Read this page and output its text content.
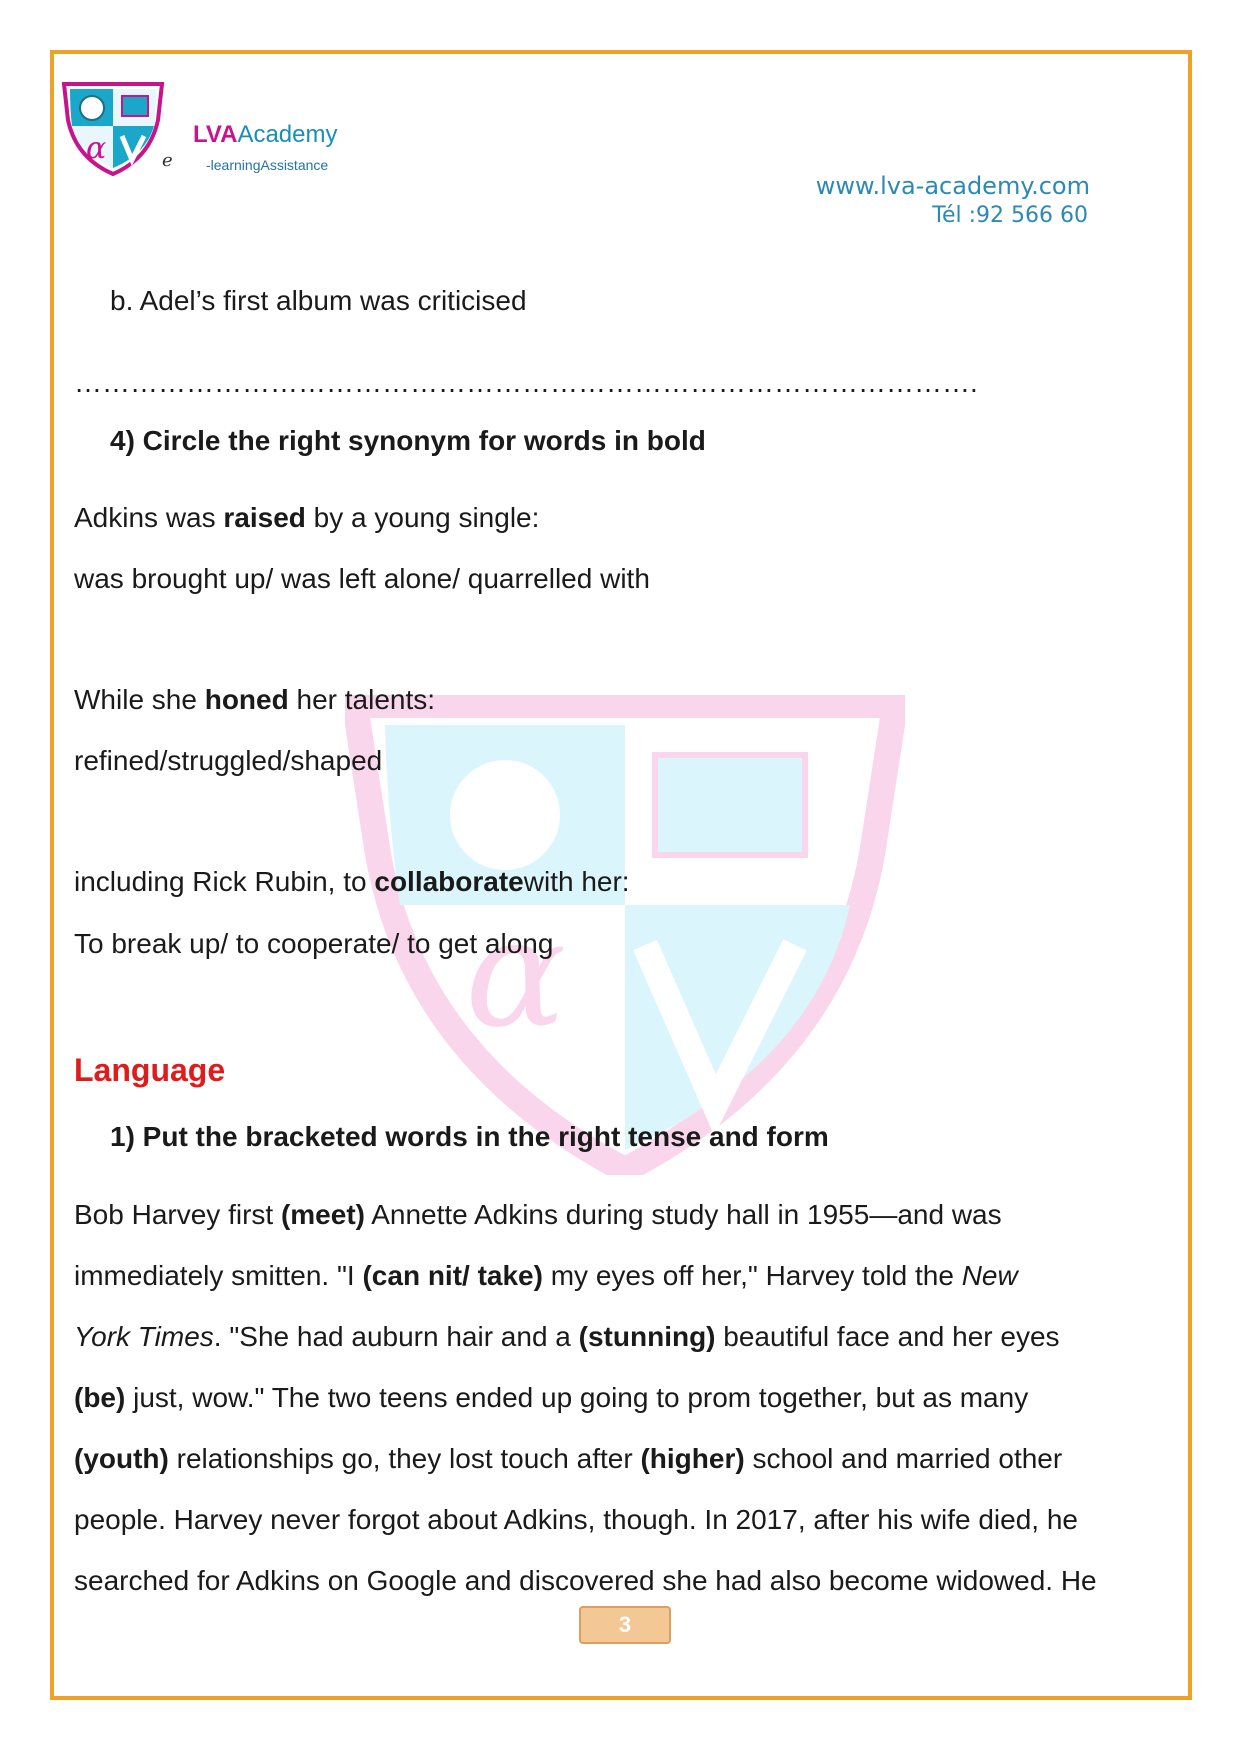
α	LVAAcademy
e -learningAssistance
www.lva-academy.com
Tél :92 566 60
α
b. Adel’s first album was criticised
…………………………………………………………………………………….
4) Circle the right synonym for words in bold
Adkins was raised by a young single:
was brought up/ was left alone/ quarrelled with
While she honed her talents:
refined/struggled/shaped
including Rick Rubin, to collaboratewith her:
To break up/ to cooperate/ to get along
Language
1) Put the bracketed words in the right tense and form
Bob Harvey first (meet) Annette Adkins during study hall in 1955—and was
immediately smitten. "I (can nit/ take) my eyes off her," Harvey told the New
York Times. "She had auburn hair and a (stunning) beautiful face and her eyes
(be) just, wow." The two teens ended up going to prom together, but as many
(youth) relationships go, they lost touch after (higher) school and married other
people. Harvey never forgot about Adkins, though. In 2017, after his wife died, he
searched for Adkins on Google and discovered she had also become widowed. He
3
